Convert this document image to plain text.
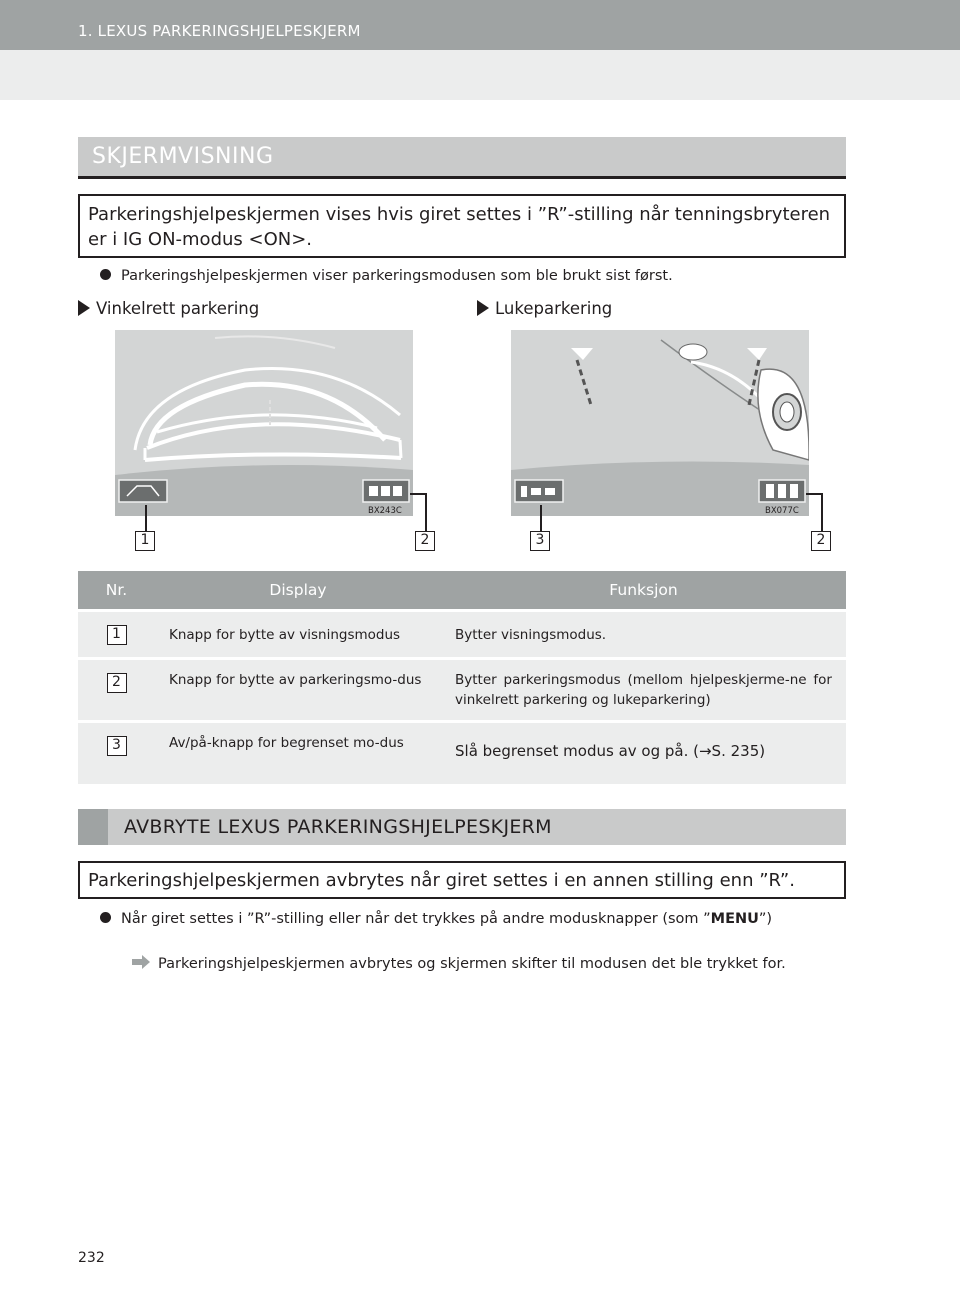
1. LEXUS PARKERINGSHJELPESKJERM
SKJERMVISNING
Parkeringshjelpeskjermen vises hvis giret settes i ”R”-stilling når tenningsbryteren er i IG ON-modus <ON>.
Parkeringshjelpeskjermen viser parkeringsmodusen som ble brukt sist først.
Vinkelrett parkering	Lukeparkering
BX243C	BX077C
1	2	3	2
Nr.	Display	Funksjon
1	Knapp for bytte av visningsmodus	Bytter visningsmodus.
2	Knapp for bytte av parkeringsmo-dus	Bytter parkeringsmodus (mellom hjelpeskjerme-ne for vinkelrett parkering og lukeparkering)
3	Av/på-knapp for begrenset mo-dus	Slå begrenset modus av og på. (→S. 235)
AVBRYTE LEXUS PARKERINGSHJELPESKJERM
Parkeringshjelpeskjermen avbrytes når giret settes i en annen stilling enn ”R”.
Når giret settes i ”R”-stilling eller når det trykkes på andre modusknapper (som ”MENU”)
Parkeringshjelpeskjermen avbrytes og skjermen skifter til modusen det ble trykket for.
232
